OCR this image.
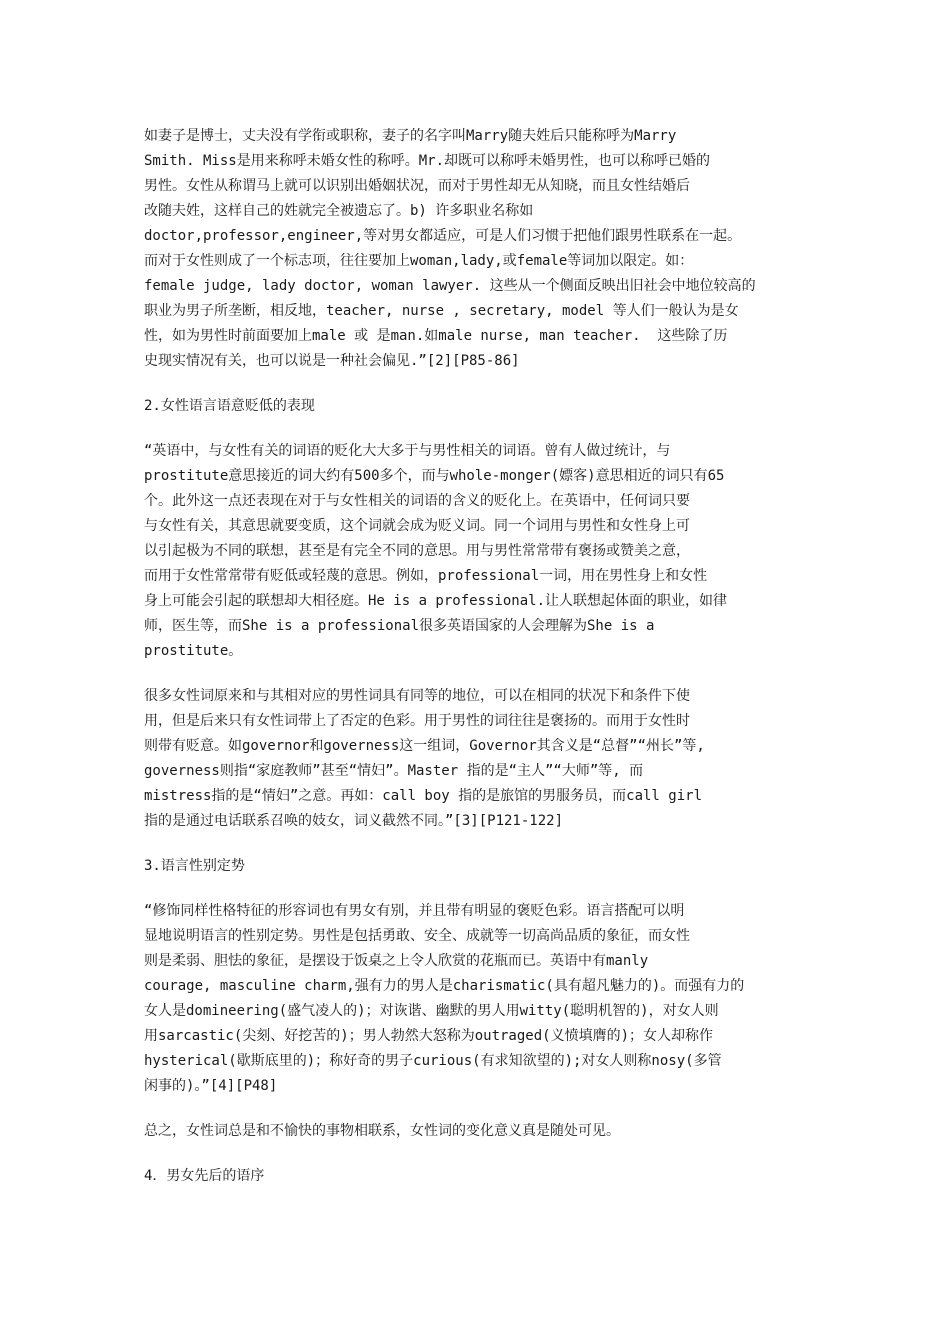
如妻子是博士，丈夫没有学衔或职称，妻子的名字叫Marry随夫姓后只能称呼为Marry
Smith. Miss是用来称呼未婚女性的称呼。Mr.却既可以称呼未婚男性，也可以称呼已婚的
男性。女性从称谓马上就可以识别出婚姻状况，而对于男性却无从知晓，而且女性结婚后
改随夫姓，这样自己的姓就完全被遗忘了。b) 许多职业名称如
doctor,professor,engineer,等对男女都适应，可是人们习惯于把他们跟男性联系在一起。
而对于女性则成了一个标志项，往往要加上woman,lady,或female等词加以限定。如：
female judge, lady doctor, woman lawyer. 这些从一个侧面反映出旧社会中地位较高的
职业为男子所垄断，相反地，teacher, nurse , secretary, model 等人们一般认为是女
性，如为男性时前面要加上male 或 是man.如male nurse, man teacher.  这些除了历
史现实情况有关，也可以说是一种社会偏见.”[2][P85-86]
2.女性语言语意贬低的表现
“英语中，与女性有关的词语的贬化大大多于与男性相关的词语。曾有人做过统计，与
prostitute意思接近的词大约有500多个，而与whole-monger(嫖客)意思相近的词只有65
个。此外这一点还表现在对于与女性相关的词语的含义的贬化上。在英语中，任何词只要
与女性有关，其意思就要变质，这个词就会成为贬义词。同一个词用与男性和女性身上可
以引起极为不同的联想，甚至是有完全不同的意思。用与男性常常带有褒扬或赞美之意，
而用于女性常常带有贬低或轻蔑的意思。例如，professional一词，用在男性身上和女性
身上可能会引起的联想却大相径庭。He is a professional.让人联想起体面的职业，如律
师，医生等，而She is a professional很多英语国家的人会理解为She is a
prostitute。
很多女性词原来和与其相对应的男性词具有同等的地位，可以在相同的状况下和条件下使
用，但是后来只有女性词带上了否定的色彩。用于男性的词往往是褒扬的。而用于女性时
则带有贬意。如governor和governess这一组词，Governor其含义是“总督”“州长”等,
governess则指“家庭教师”甚至“情妇”。Master 指的是“主人”“大师”等, 而
mistress指的是“情妇”之意。再如：call boy 指的是旅馆的男服务员，而call girl
指的是通过电话联系召唤的妓女，词义截然不同。”[3][P121-122]
3.语言性别定势
“修饰同样性格特征的形容词也有男女有别，并且带有明显的褒贬色彩。语言搭配可以明
显地说明语言的性别定势。男性是包括勇敢、安全、成就等一切高尚品质的象征，而女性
则是柔弱、胆怯的象征，是摆设于饭桌之上令人欣赏的花瓶而已。英语中有manly
courage, masculine charm,强有力的男人是charismatic(具有超凡魅力的)。而强有力的
女人是domineering(盛气凌人的)；对诙谐、幽默的男人用witty(聪明机智的)，对女人则
用sarcastic(尖刻、好挖苦的)；男人勃然大怒称为outraged(义愤填膺的)；女人却称作
hysterical(歇斯底里的)；称好奇的男子curious(有求知欲望的);对女人则称nosy(多管
闲事的)。”[4][P48]
总之，女性词总是和不愉快的事物相联系，女性词的变化意义真是随处可见。
4．男女先后的语序
